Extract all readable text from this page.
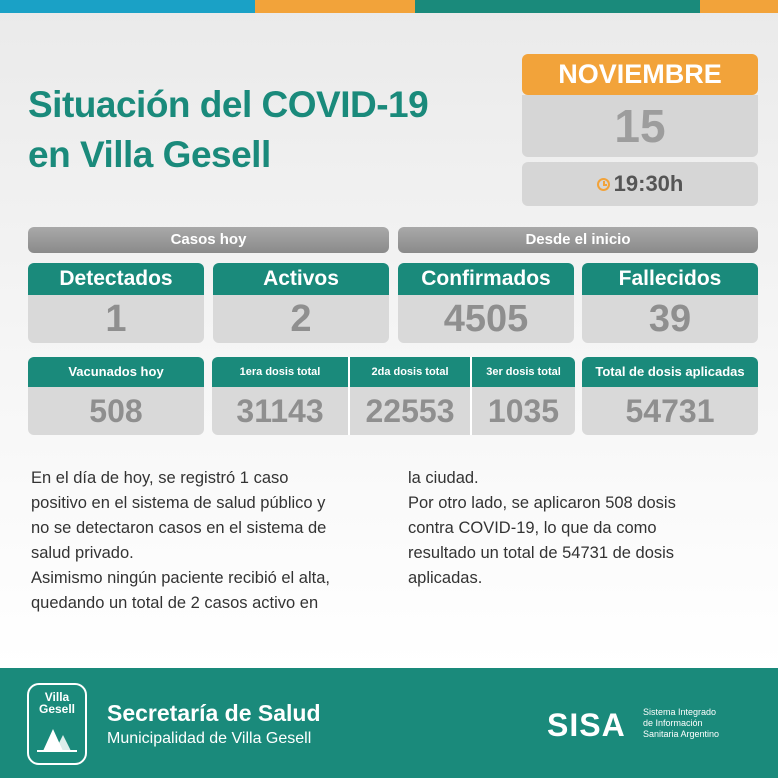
Situación del COVID-19
en Villa Gesell
NOVIEMBRE
15
19:30h
Casos hoy	Desde el inicio
Detectados
1
Activos
2
Confirmados
4505
Fallecidos
39
Vacunados hoy
508
1era dosis total	2da dosis total	3er dosis total
31143	22553	1035
Total de dosis aplicadas
54731
En el día de hoy, se registró 1 caso
positivo en el sistema de salud público y
no se detectaron casos en el sistema de
salud privado.
Asimismo ningún paciente recibió el alta,
quedando un total de 2 casos activo en
la ciudad.
Por otro lado, se aplicaron 508 dosis
contra COVID-19, lo que da como
resultado un total de 54731 de dosis
aplicadas.
Villa
Gesell	Secretaría de Salud
Municipalidad de Villa Gesell	SISA Sistema Integrado
de Información
Sanitaria Argentino
